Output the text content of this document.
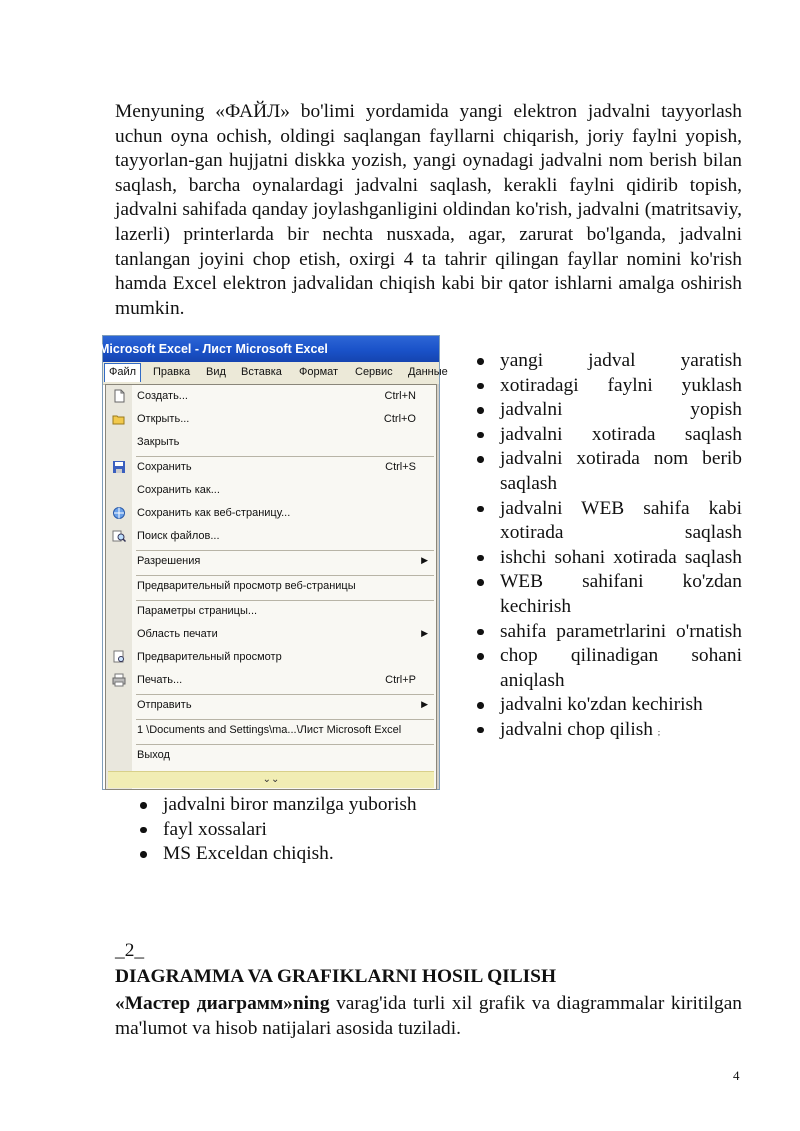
Menyuning «ФАЙЛ» bo'limi yordamida yangi elektron jadvalni tayyorlash uchun oyna ochish, oldingi saqlangan fayllarni chiqarish, joriy faylni yopish, tayyorlan-gan hujjatni diskka yozish, yangi oynadagi jadvalni nom berish bilan saqlash, barcha oynalardagi jadvalni saqlash, kerakli faylni qidirib topish, jadvalni sahifada qanday joylashganligini oldindan ko'rish, jadvalni (matritsaviy, lazerli) printerlarda bir nechta nusxada, agar, zarurat bo'lganda, jadvalni tanlangan joyini chop etish, oxirgi 4 ta tahrir qilingan fayllar nomini ko'rish hamda Excel elektron jadvalidan chiqish kabi bir qator ishlarni amalga oshirish mumkin.

Microsoft Excel - Лист Microsoft Excel
Файл	Правка Вид Вставка Формат Сервис Данные
Создать...	Ctrl+N
Открыть...	Ctrl+O
Закрыть
Сохранить	Ctrl+S
Сохранить как...
Сохранить как веб-страницу...
Поиск файлов...
Разрешения	▶
Предварительный просмотр веб-страницы
Параметры страницы...
Область печати	▶
Предварительный просмотр
Печать...	Ctrl+P
Отправить	▶
1 \Documents and Settings\ma...\Лист Microsoft Excel
Выход
⌄⌄
yangi jadval yaratish
xotiradagi faylni yuklash
jadvalni yopish
jadvalni xotirada saqlash
jadvalni xotirada nom berib saqlash
jadvalni WEB sahifa kabi xotirada saqlash
ishchi sohani xotirada saqlash
WEB sahifani ko'zdan kechirish
sahifa parametrlarini o'rnatish
chop qilinadigan sohani aniqlash
jadvalni ko'zdan kechirish
jadvalni chop qilish ;
jadvalni biror manzilga yuborish
fayl xossalari
MS Exceldan chiqish.
_2_
DIAGRAMMA VA GRAFIKLARNI HOSIL QILISH

«Мастер диаграмм»ning varag'ida turli xil grafik va diagrammalar kiritilgan ma'lumot va hisob natijalari asosida tuziladi.

4
